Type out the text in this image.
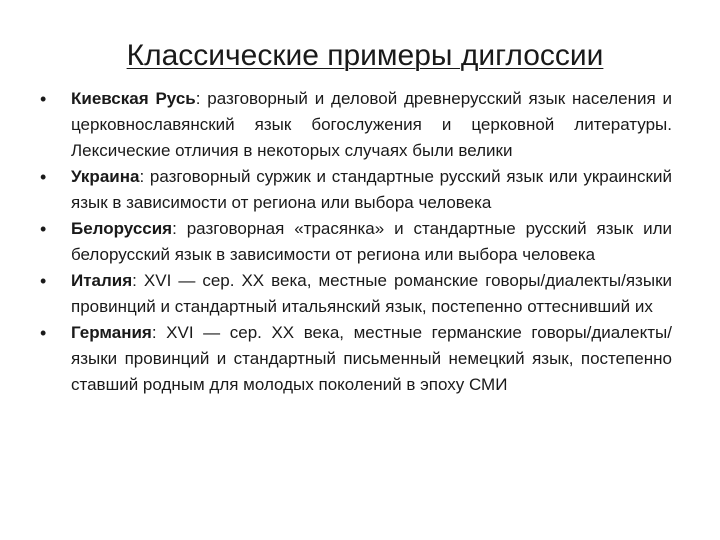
Классические примеры диглоссии
•	Киевская Русь: разговорный и деловой древнерусский язык населения и церковнославянский язык богослужения и церковной литературы. Лексические отличия в некоторых случаях были велики
•	Украина: разговорный суржик и стандартные русский язык или украинский язык в зависимости от региона или выбора человека
•	Белоруссия: разговорная «трасянка» и стандартные русский язык или белорусский язык в зависимости от региона или выбора человека
•	Италия: XVI — сер. XX века, местные романские говоры/диалекты/языки провинций и стандартный итальянский язык, постепенно оттеснивший их
•	Германия: XVI — сер. XX века, местные германские говоры/диалекты/языки провинций и стандартный письменный немецкий язык, постепенно ставший родным для молодых поколений в эпоху СМИ
